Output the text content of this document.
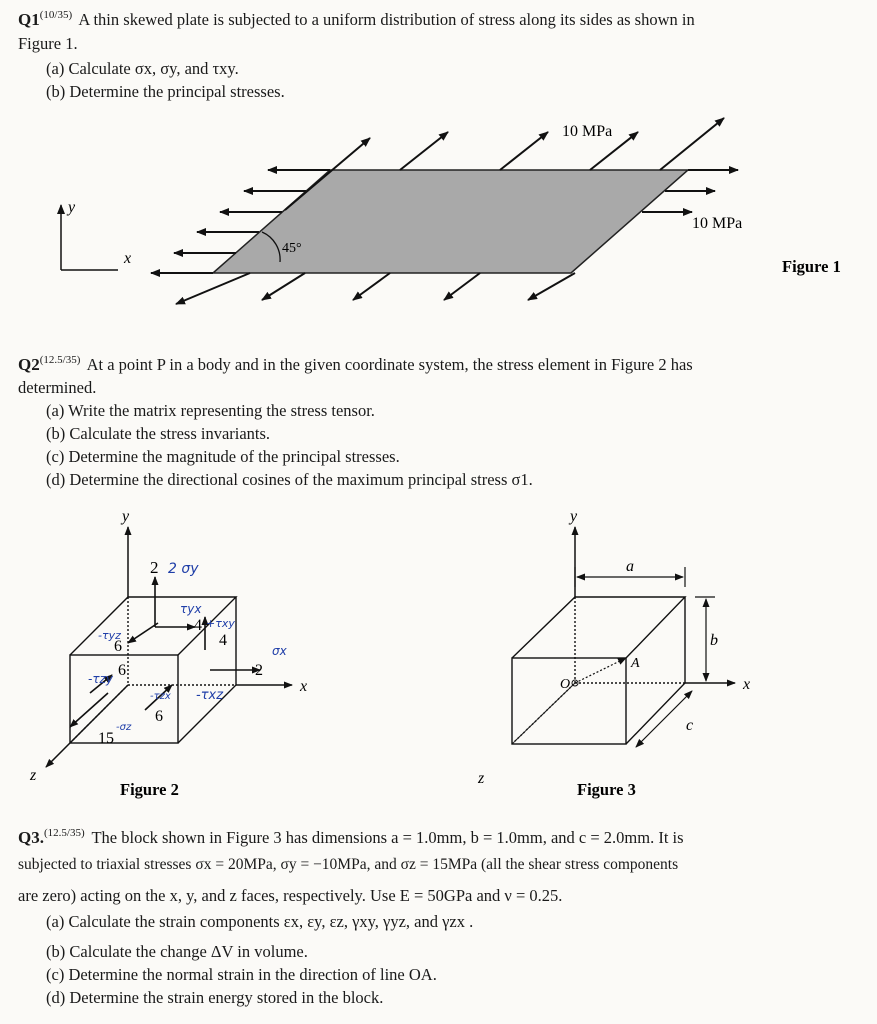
$Q1^{(10/35)}$ A thin skewed plate is subjected to a uniform distribution of stress along its sides as shown in
Figure 1.
(a) Calculate σx, σy, and τxy.
(b) Determine the principal stresses.
45°
10 MPa
10 MPa
y
x	Figure 1
$Q2^{(12.5/35)}$ At a point P in a body and in the given coordinate system, the stress element in Figure 2 has
determined.
(a) Write the matrix representing the stress tensor.
(b) Calculate the stress invariants.
(c) Determine the magnitude of the principal stresses.
(d) Determine the directional cosines of the maximum principal stress σ1.
y
x
z
2
4
4
2
6
6
6
15
2 σy
τyx
+τxy
-τyz
σx
-τzy
-τzx -τxz
-σz
Figure 2
y
x
z
O
A
a
b
c
Figure 3
Q3.$^{(12.5/35)}$ The block shown in Figure 3 has dimensions a = 1.0mm, b = 1.0mm, and c = 2.0mm. It is
subjected to triaxial stresses σx = 20MPa, σy = −10MPa, and σz = 15MPa (all the shear stress components
are zero) acting on the x, y, and z faces, respectively. Use E = 50GPa and ν = 0.25.
(a) Calculate the strain components εx, εy, εz, γxy, γyz, and γzx .
(b) Calculate the change ΔV in volume.
(c) Determine the normal strain in the direction of line OA.
(d) Determine the strain energy stored in the block.
